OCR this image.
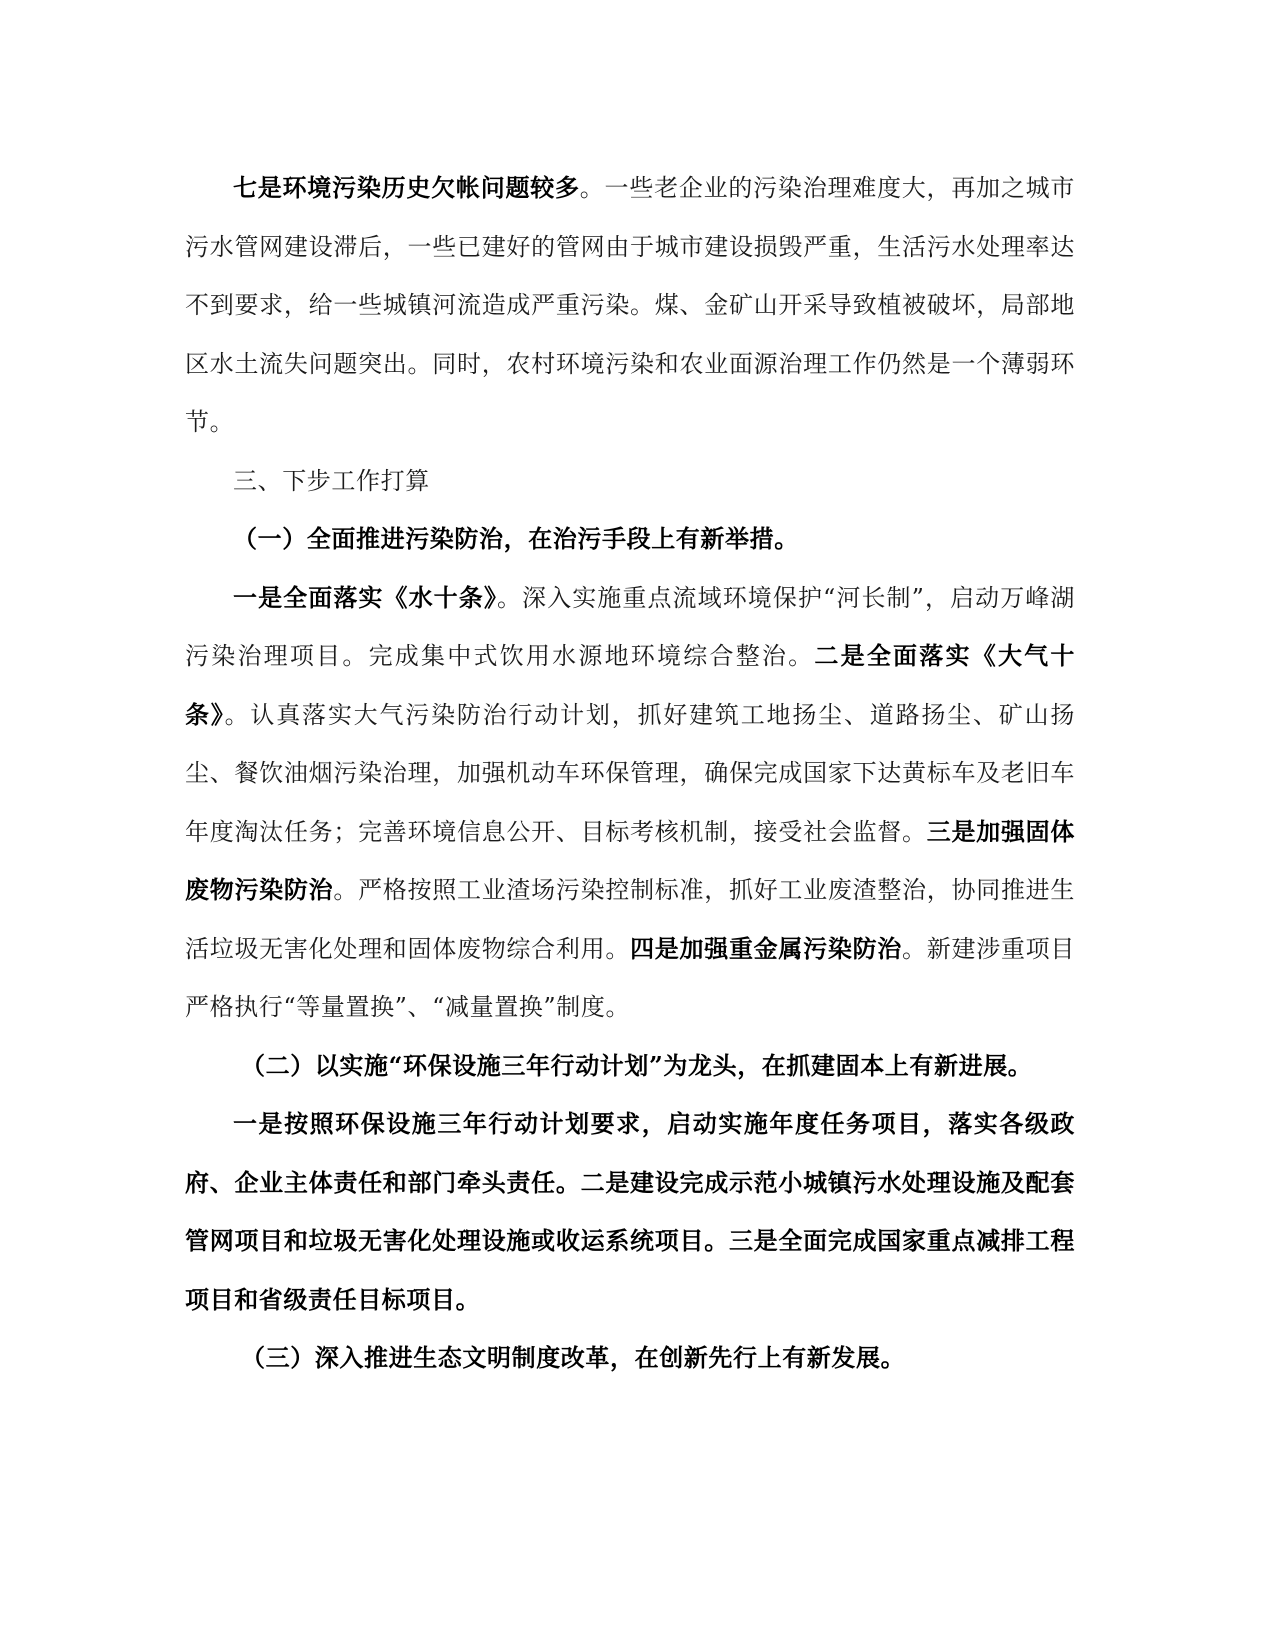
七是环境污染历史欠帐问题较多。一些老企业的污染治理难度大，再加之城市污水管网建设滞后，一些已建好的管网由于城市建设损毁严重，生活污水处理率达不到要求，给一些城镇河流造成严重污染。煤、金矿山开采导致植被破坏，局部地区水土流失问题突出。同时，农村环境污染和农业面源治理工作仍然是一个薄弱环节。

三、下步工作打算

（一）全面推进污染防治，在治污手段上有新举措。

一是全面落实《水十条》。深入实施重点流域环境保护“河长制”，启动万峰湖污染治理项目。完成集中式饮用水源地环境综合整治。二是全面落实《大气十条》。认真落实大气污染防治行动计划，抓好建筑工地扬尘、道路扬尘、矿山扬尘、餐饮油烟污染治理，加强机动车环保管理，确保完成国家下达黄标车及老旧车年度淘汰任务；完善环境信息公开、目标考核机制，接受社会监督。三是加强固体废物污染防治。严格按照工业渣场污染控制标准，抓好工业废渣整治，协同推进生活垃圾无害化处理和固体废物综合利用。四是加强重金属污染防治。新建涉重项目严格执行“等量置换”、“减量置换”制度。

（二）以实施“环保设施三年行动计划”为龙头，在抓建固本上有新进展。

一是按照环保设施三年行动计划要求，启动实施年度任务项目，落实各级政府、企业主体责任和部门牵头责任。二是建设完成示范小城镇污水处理设施及配套管网项目和垃圾无害化处理设施或收运系统项目。三是全面完成国家重点减排工程项目和省级责任目标项目。

（三）深入推进生态文明制度改革，在创新先行上有新发展。
